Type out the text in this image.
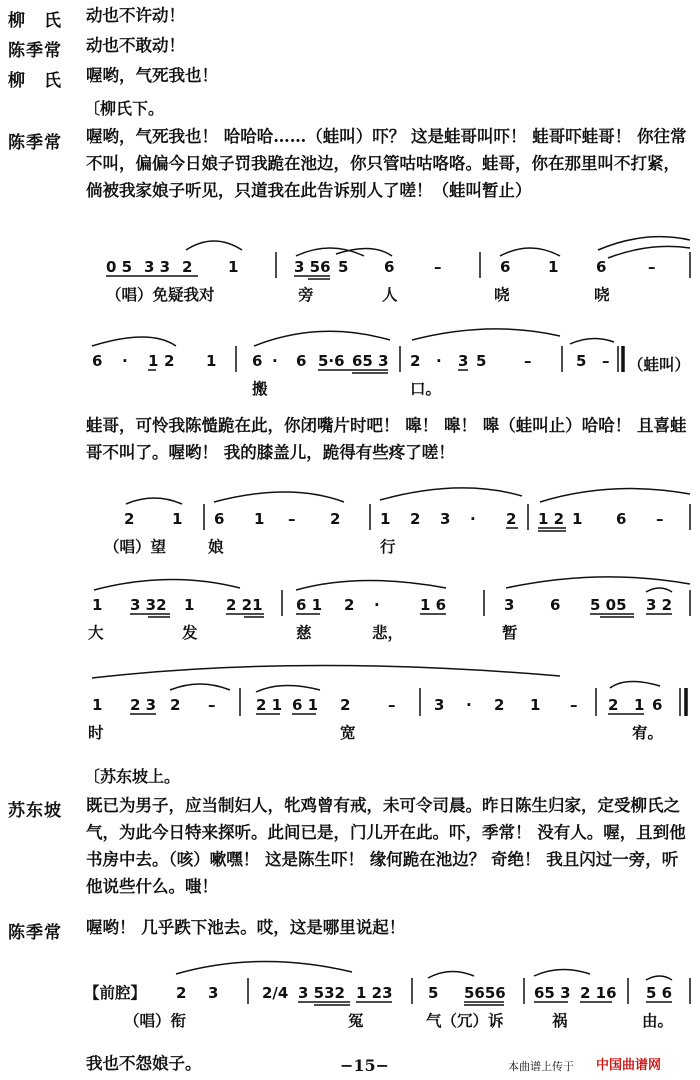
柳　氏 动也不许动！
陈季常 动也不敢动！
柳　氏 喔哟，气死我也！
〔柳氏下。
陈季常 喔哟，气死我也！ 哈哈哈……（蛙叫）吓？ 这是蛙哥叫吓！ 蛙哥吓蛙哥！ 你往常不叫，偏偏今日娘子罚我跪在池边，你只管咕咕咯咯。蛙哥，你在那里叫不打紧，倘被我家娘子听见，只道我在此告诉别人了嗟！（蛙叫暂止）
0 5 3 3 2 1	3 56 5 6	–	6	1	6	–
（唱）免疑我对	旁	人	哓	哓
6 · 1 2 1 6 · 6 5·6 65 3 2 · 3 5	–	5 –
搬	口。
（蛙叫）
蛙哥，可怜我陈慥跪在此，你闭嘴片时吧！ 嗥！ 嗥！ 嗥（蛙叫止）哈哈！ 且喜蛙哥不叫了。喔哟！ 我的膝盖儿，跪得有些疼了嗟！
2	1 6 1 – 2	1 2 3 · 2 1 2 1 6 –
（唱）望	娘	行
1 3 32 1 2 21 6 1 2 ·	1 6	3 6 5 05 3 2
大	发	慈	悲，	暂
1 2 3 2 –	2 1 6 1 2	–	3 · 2 1 – 2 1 6
时	宽	宥。
〔苏东坡上。
苏东坡 既已为男子，应当制妇人，牝鸡曾有戒，未可令司晨。昨日陈生归家，定受柳氏之气，为此今日特来探听。此间已是，门儿开在此。吓，季常！ 没有人。喔，且到他书房中去。（咳）嗽嘿！ 这是陈生吓！ 缘何跪在池边？ 奇绝！ 我且闪过一旁，听他说些什么。嗤！
陈季常 喔哟！ 几乎跌下池去。哎，这是哪里说起！
【前腔】 2 3	2/4 3 532 1 23 5 5656 65 3 2 16 5 6
（唱）衔	冤	气（冗）诉	祸	由。
我也不怨娘子。	−15−	本曲谱上传于 中国曲谱网
